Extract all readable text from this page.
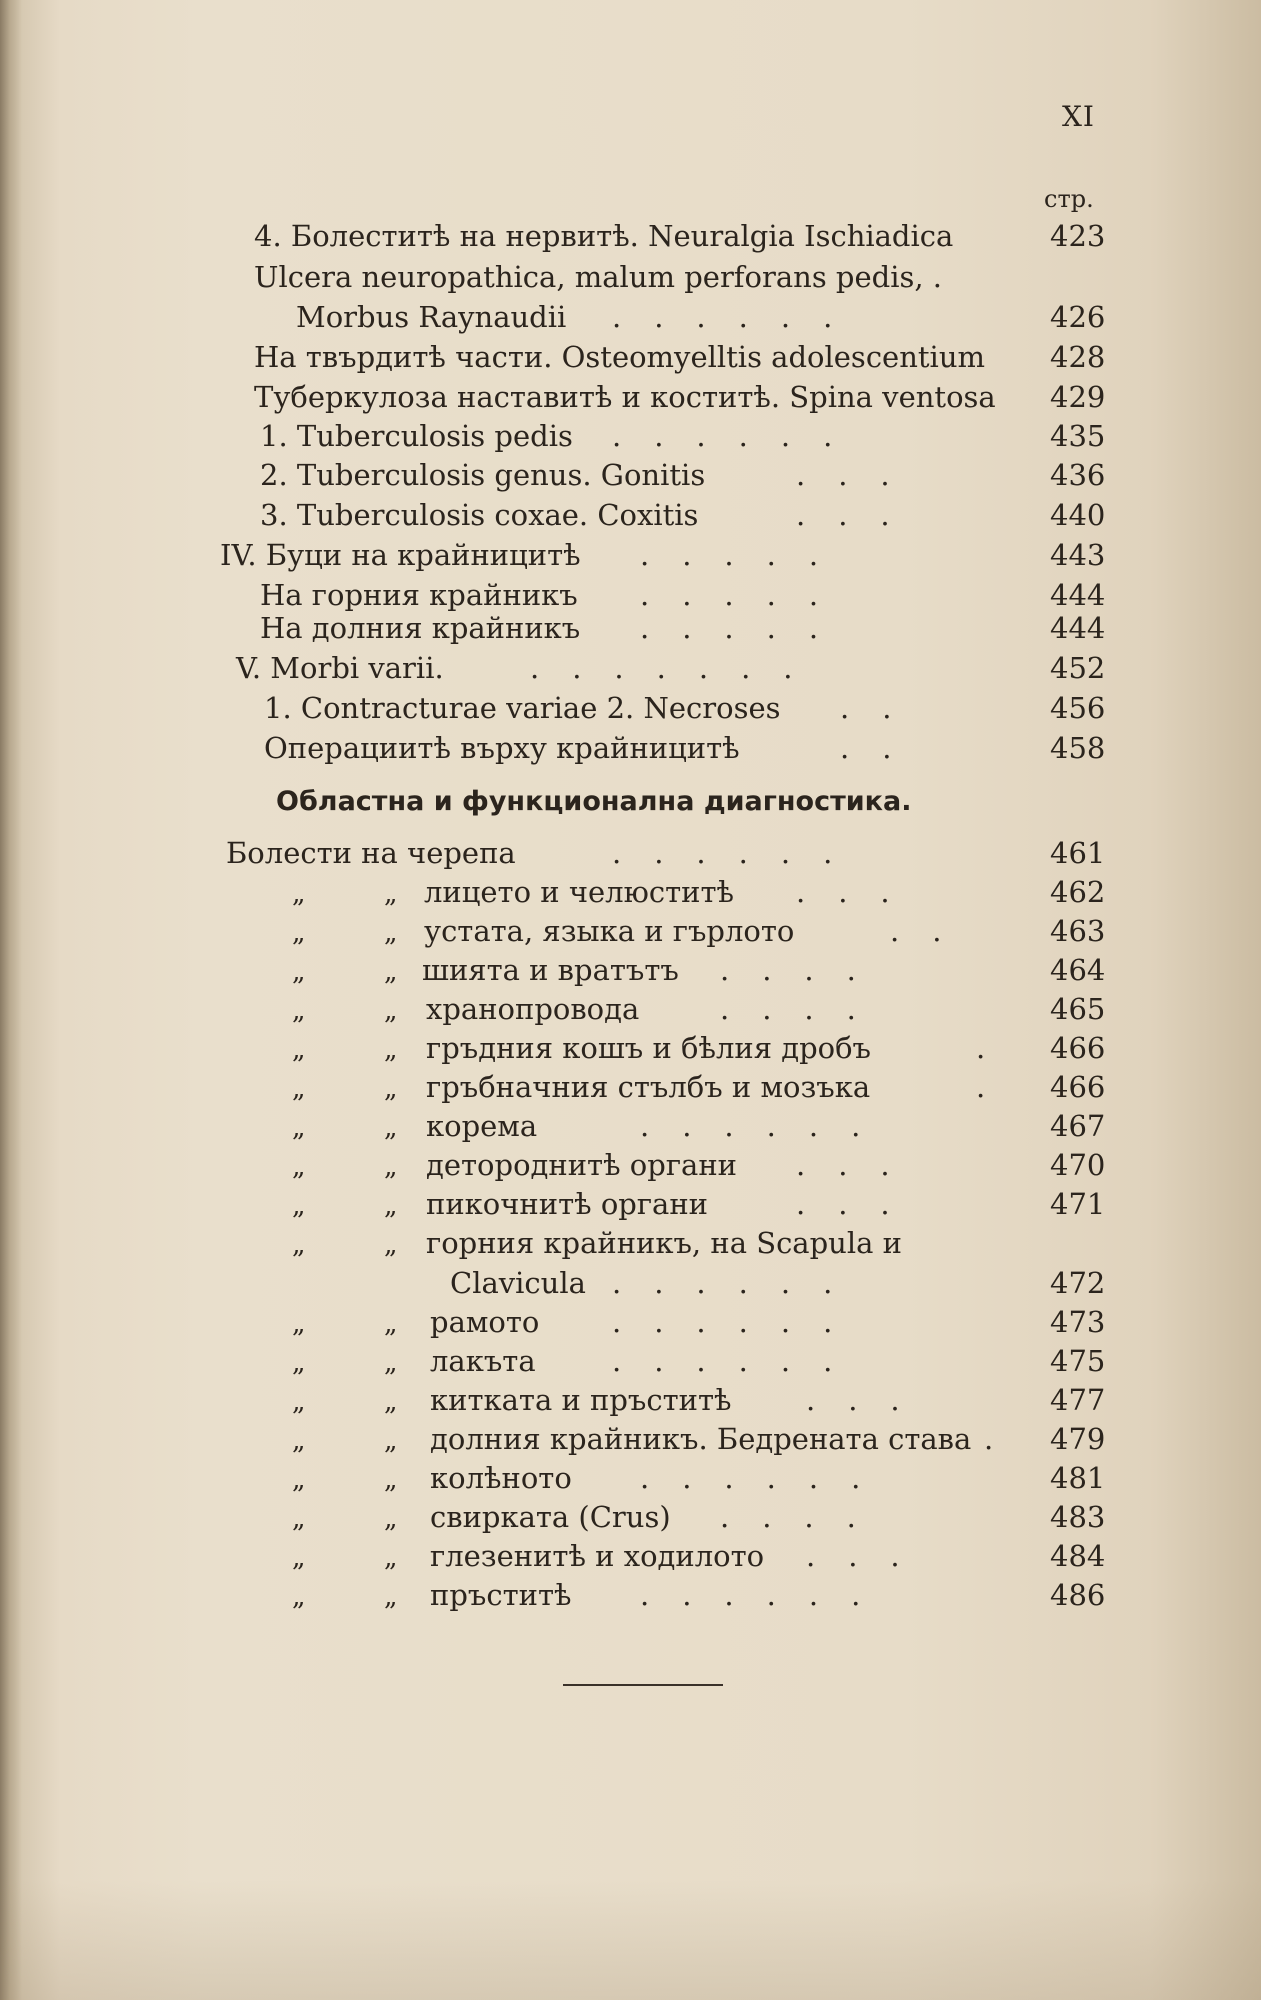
XI
стр.
4. Болеститѣ на нервитѣ. Neuralgia Ischiadica	423
Ulcera neuropathica, malum perforans pedis, .
Morbus Raynaudii ......	426
На твърдитѣ части. Osteomyelltis adolescentium 428
Туберкулоза наставитѣ и коститѣ. Spina ventosa 429
1. Tuberculosis pedis ......	435
2. Tuberculosis genus. Gonitis	...	436
3. Tuberculosis coxae. Coxitis	...	440
IV. Буци на крайницитѣ .....	443
На горния крайникъ .....	444
На долния крайникъ .....	444
V. Morbi varii.	.......	452
1. Contracturae variae 2. Necroses ..	456
Операциитѣ върху крайницитѣ	..	458
Областна и функционална диагностика.
Болести на черепа	......	461
„	„ лицето и челюститѣ ...	462
„	„ устата, языка и гърлото	..	463
„	„ шията и вратътъ ....	464
„	„ хранопровода	....	465
„	„ гръдния кошъ и бѣлия дробъ	. 466
„	„ гръбначния стълбъ и мозъка	. 466
„	„ корема	......	467
„	„ детороднитѣ органи ...	470
„	„ пикочнитѣ органи	...	471
„	„ горния крайникъ, на Scapula и
Clavicula ......	472
„	„ рамото	......	473
„	„ лакъта	......	475
„	„ китката и пръститѣ	...	477
„	„ долния крайникъ. Бедрената става . 479
„	„ колѣното ......	481
„	„ свирката (Crus) ....	483
„	„ глезенитѣ и ходилото ...	484
„	„ пръститѣ ......	486
